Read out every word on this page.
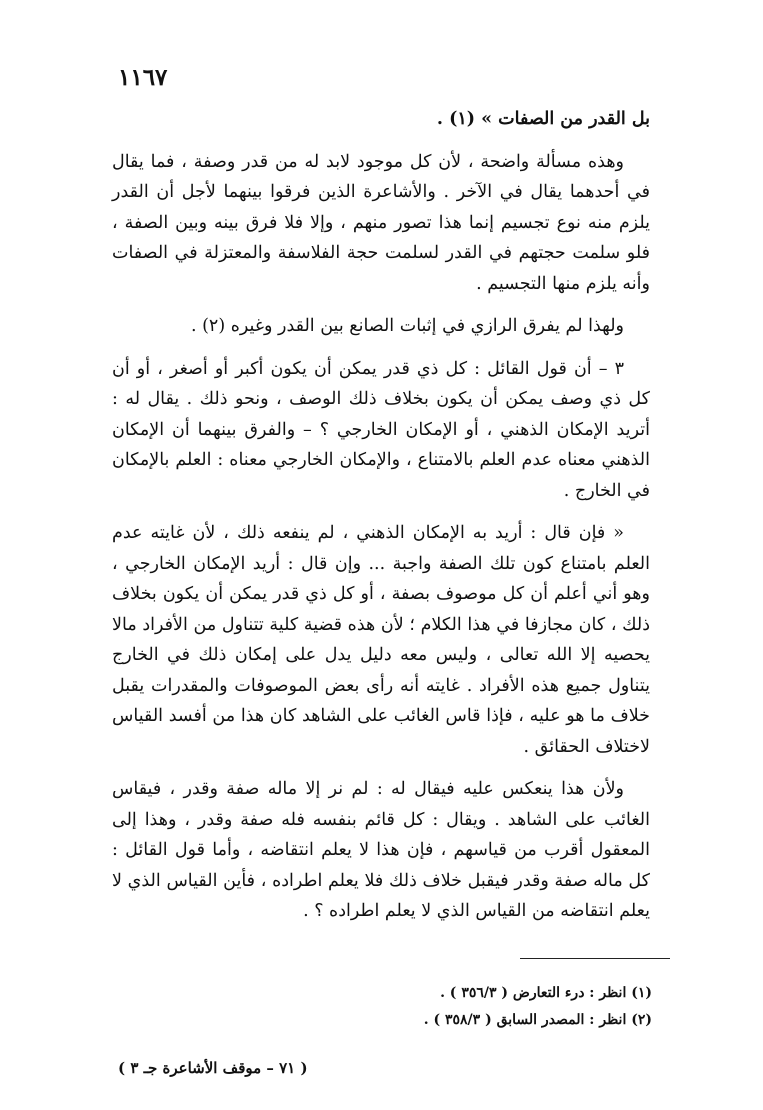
١١٦٧

بل القدر من الصفات » (١) .

وهذه مسألة واضحة ، لأن كل موجود لابد له من قدر وصفة ، فما يقال في أحدهما يقال في الآخر . والأشاعرة الذين فرقوا بينهما لأجل أن القدر يلزم منه نوع تجسيم إنما هذا تصور منهم ، وإلا فلا فرق بينه وبين الصفة ، فلو سلمت حجتهم في القدر لسلمت حجة الفلاسفة والمعتزلة في الصفات وأنه يلزم منها التجسيم .

ولهذا لم يفرق الرازي في إثبات الصانع بين القدر وغيره (٢) .

٣ – أن قول القائل : كل ذي قدر يمكن أن يكون أكبر أو أصغر ، أو أن كل ذي وصف يمكن أن يكون بخلاف ذلك الوصف ، ونحو ذلك . يقال له : أتريد الإمكان الذهني ، أو الإمكان الخارجي ؟ – والفرق بينهما أن الإمكان الذهني معناه عدم العلم بالامتناع ، والإمكان الخارجي معناه : العلم بالإمكان في الخارج .

« فإن قال : أريد به الإمكان الذهني ، لم ينفعه ذلك ، لأن غايته عدم العلم بامتناع كون تلك الصفة واجبة ... وإن قال : أريد الإمكان الخارجي ، وهو أني أعلم أن كل موصوف بصفة ، أو كل ذي قدر يمكن أن يكون بخلاف ذلك ، كان مجازفا في هذا الكلام ؛ لأن هذه قضية كلية تتناول من الأفراد مالا يحصيه إلا الله تعالى ، وليس معه دليل يدل على إمكان ذلك في الخارج يتناول جميع هذه الأفراد . غايته أنه رأى بعض الموصوفات والمقدرات يقبل خلاف ما هو عليه ، فإذا قاس الغائب على الشاهد كان هذا من أفسد القياس لاختلاف الحقائق .

ولأن هذا ينعكس عليه فيقال له : لم نر إلا ماله صفة وقدر ، فيقاس الغائب على الشاهد . ويقال : كل قائم بنفسه فله صفة وقدر ، وهذا إلى المعقول أقرب من قياسهم ، فإن هذا لا يعلم انتقاضه ، وأما قول القائل : كل ماله صفة وقدر فيقبل خلاف ذلك فلا يعلم اطراده ، فأين القياس الذي لا يعلم انتقاضه من القياس الذي لا يعلم اطراده ؟ .

(١) انظر : درء التعارض ( ٣٥٦/٣ ) .

(٢) انظر : المصدر السابق ( ٣٥٨/٣ ) .

( ٧١ – موقف الأشاعرة جـ ٣ )
